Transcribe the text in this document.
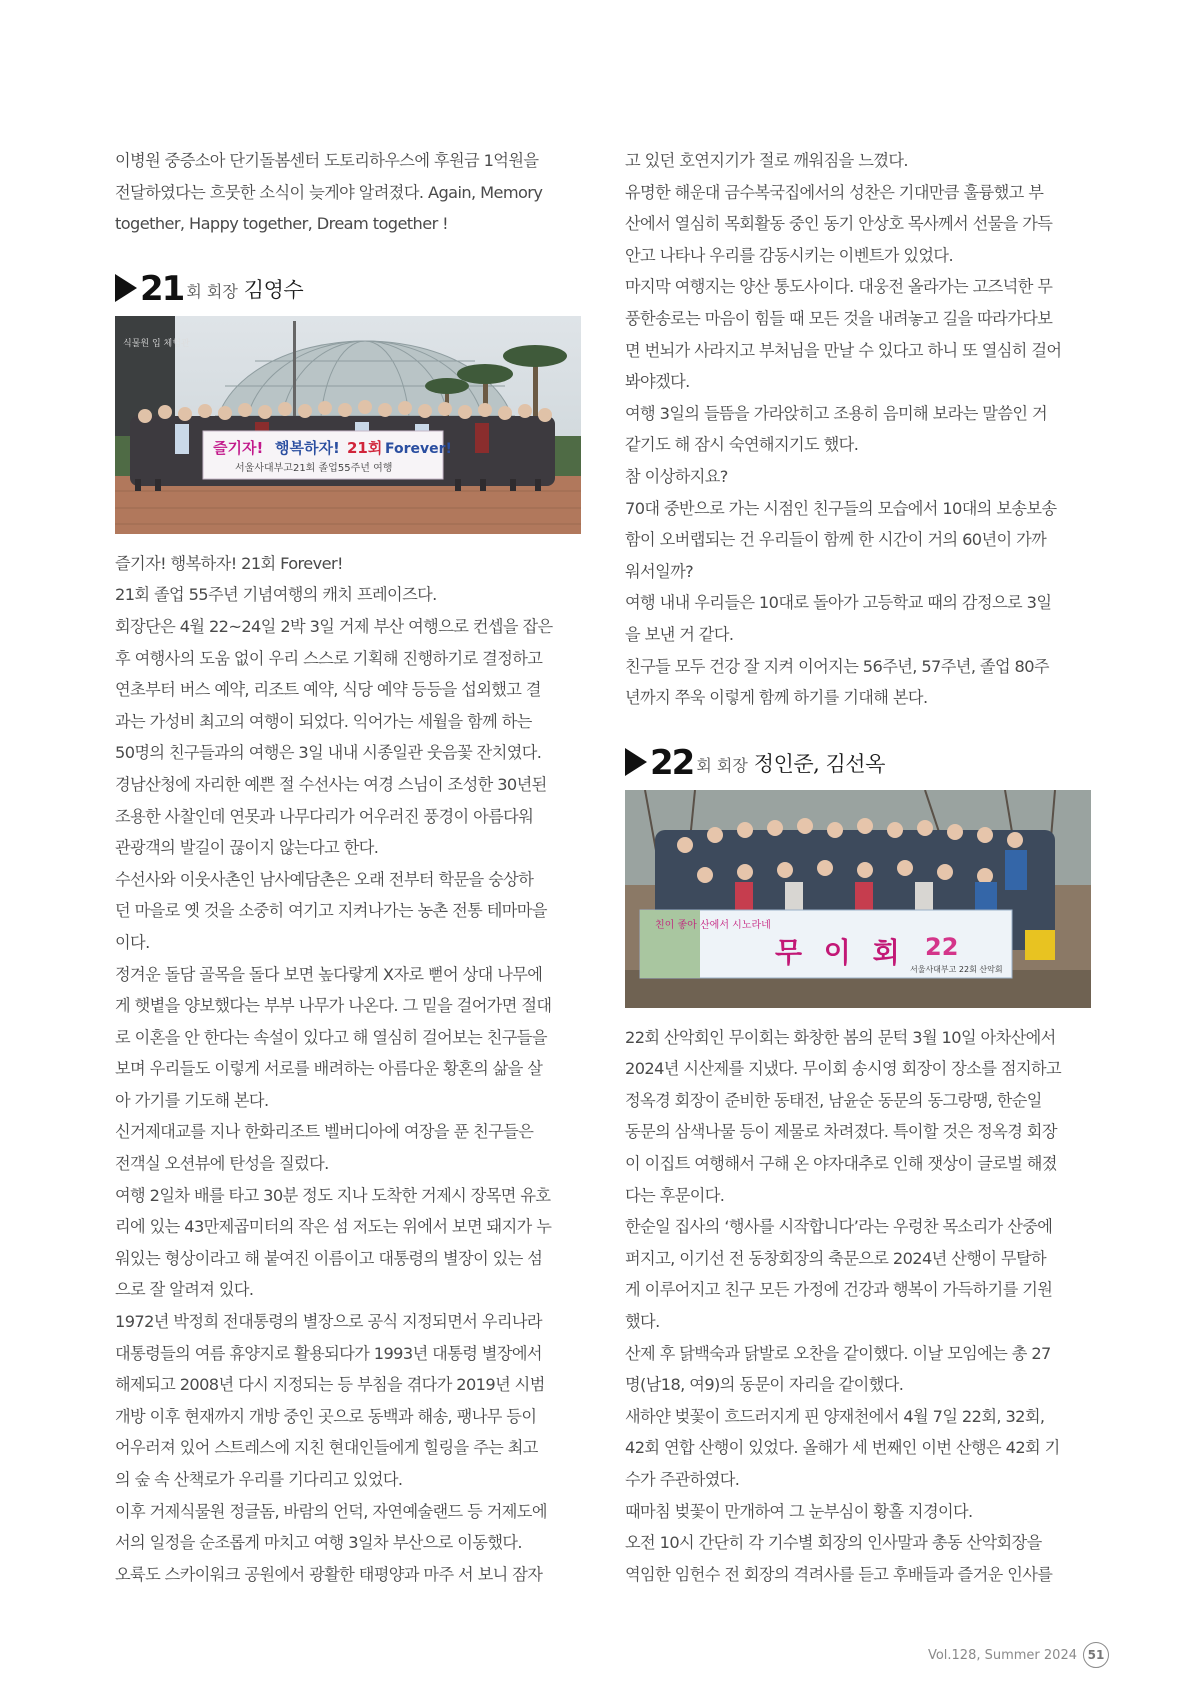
이병원 중증소아 단기돌봄센터 도토리하우스에 후원금 1억원을

전달하였다는 흐뭇한 소식이 늦게야 알려졌다. Again, Memory

together, Happy together, Dream together !

21 회 회장 김영수
식물원 입 체험관
즐기자! 행복하자! 21회 Forever!
서울사대부고21회 졸업55주년 여행

즐기자! 행복하자! 21회 Forever!

21회 졸업 55주년 기념여행의 캐치 프레이즈다.

회장단은 4월 22~24일 2박 3일 거제 부산 여행으로 컨셉을 잡은

후 여행사의 도움 없이 우리 스스로 기획해 진행하기로 결정하고

연초부터 버스 예약, 리조트 예약, 식당 예약 등등을 섭외했고 결

과는 가성비 최고의 여행이 되었다. 익어가는 세월을 함께 하는

50명의 친구들과의 여행은 3일 내내 시종일관 웃음꽃 잔치였다.

경남산청에 자리한 예쁜 절 수선사는 여경 스님이 조성한 30년된

조용한 사찰인데 연못과 나무다리가 어우러진 풍경이 아름다워

관광객의 발길이 끊이지 않는다고 한다.

수선사와 이웃사촌인 남사예담촌은 오래 전부터 학문을 숭상하

던 마을로 옛 것을 소중히 여기고 지켜나가는 농촌 전통 테마마을

이다.

정겨운 돌담 골목을 돌다 보면 높다랗게 X자로 뻗어 상대 나무에

게 햇볕을 양보했다는 부부 나무가 나온다. 그 밑을 걸어가면 절대

로 이혼을 안 한다는 속설이 있다고 해 열심히 걸어보는 친구들을

보며 우리들도 이렇게 서로를 배려하는 아름다운 황혼의 삶을 살

아 가기를 기도해 본다.

신거제대교를 지나 한화리조트 벨버디아에 여장을 푼 친구들은

전객실 오션뷰에 탄성을 질렀다.

여행 2일차 배를 타고 30분 정도 지나 도착한 거제시 장목면 유호

리에 있는 43만제곱미터의 작은 섬 저도는 위에서 보면 돼지가 누

워있는 형상이라고 해 붙여진 이름이고 대통령의 별장이 있는 섬

으로 잘 알려져 있다.

1972년 박정희 전대통령의 별장으로 공식 지정되면서 우리나라

대통령들의 여름 휴양지로 활용되다가 1993년 대통령 별장에서

해제되고 2008년 다시 지정되는 등 부침을 겪다가 2019년 시범

개방 이후 현재까지 개방 중인 곳으로 동백과 해송, 팽나무 등이

어우러져 있어 스트레스에 지친 현대인들에게 힐링을 주는 최고

의 숲 속 산책로가 우리를 기다리고 있었다.

이후 거제식물원 정글돔, 바람의 언덕, 자연예술랜드 등 거제도에

서의 일정을 순조롭게 마치고 여행 3일차 부산으로 이동했다.

오륙도 스카이워크 공원에서 광활한 태평양과 마주 서 보니 잠자

고 있던 호연지기가 절로 깨워짐을 느꼈다.

유명한 해운대 금수복국집에서의 성찬은 기대만큼 훌륭했고 부

산에서 열심히 목회활동 중인 동기 안상호 목사께서 선물을 가득

안고 나타나 우리를 감동시키는 이벤트가 있었다.

마지막 여행지는 양산 통도사이다. 대웅전 올라가는 고즈넉한 무

풍한송로는 마음이 힘들 때 모든 것을 내려놓고 길을 따라가다보

면 번뇌가 사라지고 부처님을 만날 수 있다고 하니 또 열심히 걸어

봐야겠다.

여행 3일의 들뜸을 가라앉히고 조용히 음미해 보라는 말씀인 거

같기도 해 잠시 숙연해지기도 했다.

참 이상하지요?

70대 중반으로 가는 시점인 친구들의 모습에서 10대의 보송보송

함이 오버랩되는 건 우리들이 함께 한 시간이 거의 60년이 가까

워서일까?

여행 내내 우리들은 10대로 돌아가 고등학교 때의 감정으로 3일

을 보낸 거 같다.

친구들 모두 건강 잘 지켜 이어지는 56주년, 57주년, 졸업 80주

년까지 쭈욱 이렇게 함께 하기를 기대해 본다.

22 회 회장 정인준, 김선옥
친이 좋아 산에서 시노라네
무 이 회 22
서울사대부고 22회 산악회

22회 산악회인 무이회는 화창한 봄의 문턱 3월 10일 아차산에서

2024년 시산제를 지냈다. 무이회 송시영 회장이 장소를 점지하고

정옥경 회장이 준비한 동태전, 남윤순 동문의 동그랑땡, 한순일

동문의 삼색나물 등이 제물로 차려졌다. 특이할 것은 정옥경 회장

이 이집트 여행해서 구해 온 야자대추로 인해 잿상이 글로벌 해졌

다는 후문이다.

한순일 집사의 ‘행사를 시작합니다’라는 우렁찬 목소리가 산중에

퍼지고, 이기선 전 동창회장의 축문으로 2024년 산행이 무탈하

게 이루어지고 친구 모든 가정에 건강과 행복이 가득하기를 기원

했다.

산제 후 닭백숙과 닭발로 오찬을 같이했다. 이날 모임에는 총 27

명(남18, 여9)의 동문이 자리을 같이했다.

새하얀 벚꽃이 흐드러지게 핀 양재천에서 4월 7일 22회, 32회,

42회 연합 산행이 있었다. 올해가 세 번째인 이번 산행은 42회 기

수가 주관하였다.

때마침 벚꽃이 만개하여 그 눈부심이 황홀 지경이다.

오전 10시 간단히 각 기수별 회장의 인사말과 총동 산악회장을

역임한 임헌수 전 회장의 격려사를 듣고 후배들과 즐거운 인사를

Vol.128, Summer 2024 51
